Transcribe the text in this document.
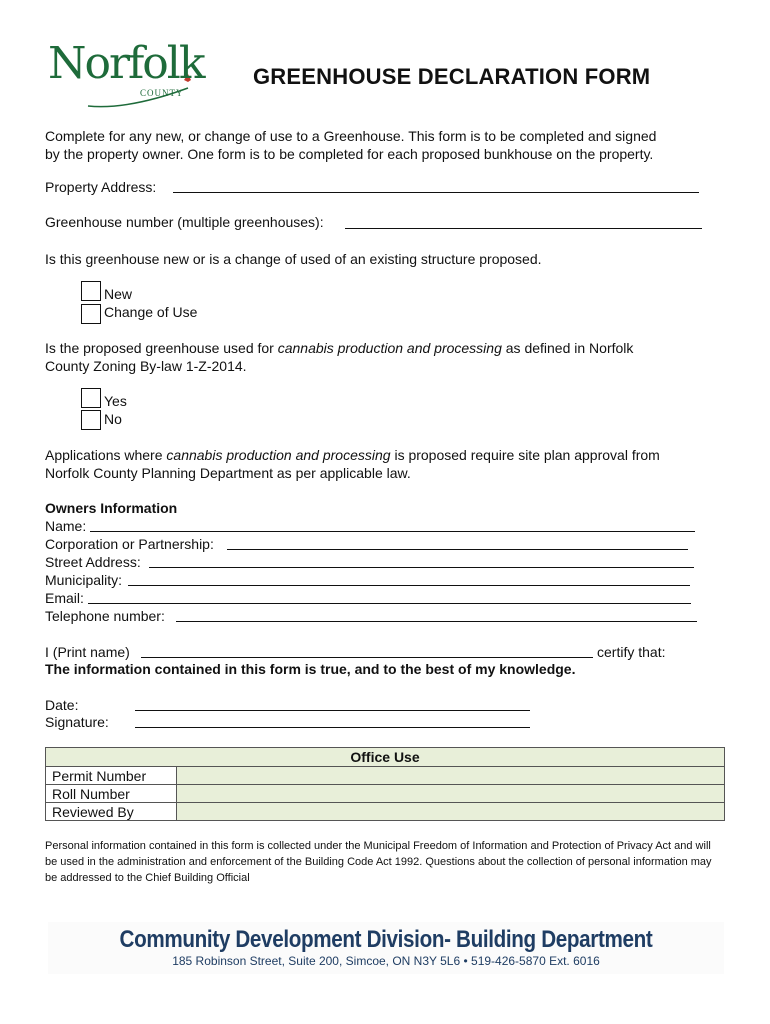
Norfolk
COUNTY
GREENHOUSE DECLARATION FORM
Complete for any new, or change of use to a Greenhouse. This form is to be completed and signed
by the property owner. One form is to be completed for each proposed bunkhouse on the property.
Property Address:
Greenhouse number (multiple greenhouses):
Is this greenhouse new or is a change of used of an existing structure proposed.
New
Change of Use
Is the proposed greenhouse used for cannabis production and processing as defined in Norfolk
County Zoning By-law 1-Z-2014.
Yes
No
Applications where cannabis production and processing is proposed require site plan approval from
Norfolk County Planning Department as per applicable law.
Owners Information
Name:
Corporation or Partnership:
Street Address:
Municipality:
Email:
Telephone number:
I (Print name)	certify that:
The information contained in this form is true, and to the best of my knowledge.
Date:
Signature:
Office Use	
Permit Number	
Roll Number	
Reviewed By	
Personal information contained in this form is collected under the Municipal Freedom of Information and Protection of Privacy Act and will be used in the administration and enforcement of the Building Code Act 1992. Questions about the collection of personal information may be addressed to the Chief Building Official
Community Development Division- Building Department
185 Robinson Street, Suite 200, Simcoe, ON N3Y 5L6 • 519-426-5870 Ext. 6016
